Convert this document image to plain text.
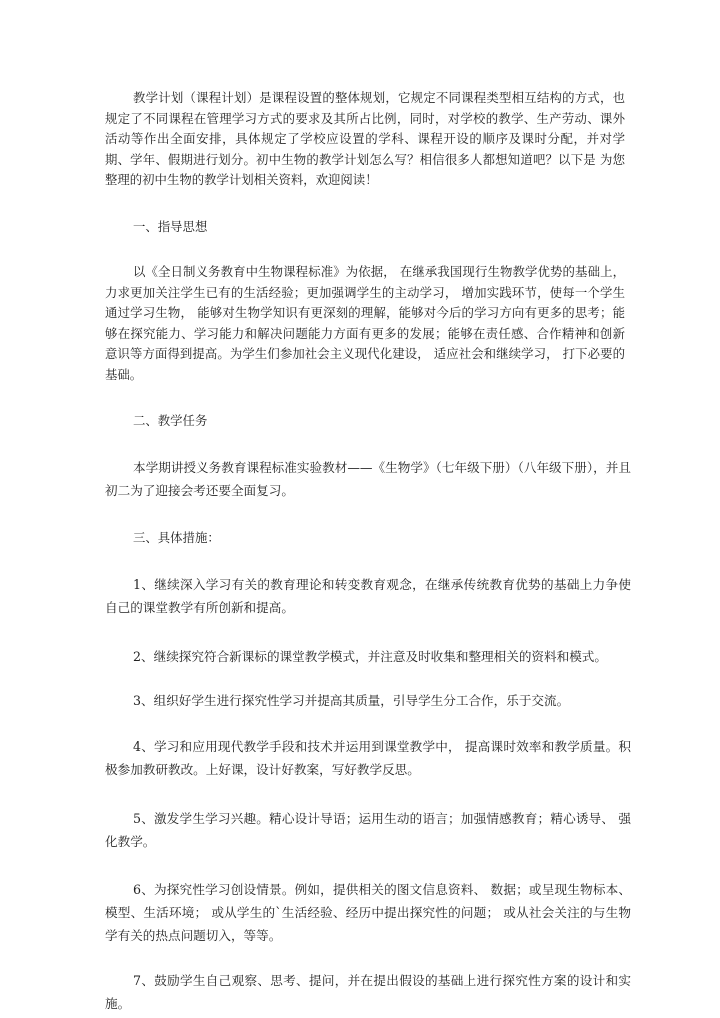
教学计划（课程计划）是课程设置的整体规划，它规定不同课程类型相互结构的方式，也规定了不同课程在管理学习方式的要求及其所占比例，同时，对学校的教学、生产劳动、课外活动等作出全面安排，具体规定了学校应设置的学科、课程开设的顺序及课时分配，并对学期、学年、假期进行划分。初中生物的教学计划怎么写？相信很多人都想知道吧？以下是 为您整理的初中生物的教学计划相关资料，欢迎阅读！

一、指导思想

以《全日制义务教育中生物课程标准》为依据， 在继承我国现行生物教学优势的基础上，力求更加关注学生已有的生活经验；更加强调学生的主动学习， 增加实践环节，使每一个学生通过学习生物， 能够对生物学知识有更深刻的理解，能够对今后的学习方向有更多的思考；能够在探究能力、学习能力和解决问题能力方面有更多的发展；能够在责任感、合作精神和创新意识等方面得到提高。为学生们参加社会主义现代化建设， 适应社会和继续学习， 打下必要的基础。

二、教学任务

本学期讲授义务教育课程标准实验教材——《生物学》（七年级下册）（八年级下册），并且初二为了迎接会考还要全面复习。

三、具体措施：

1、继续深入学习有关的教育理论和转变教育观念，在继承传统教育优势的基础上力争使自己的课堂教学有所创新和提高。

2、继续探究符合新课标的课堂教学模式，并注意及时收集和整理相关的资料和模式。

3、组织好学生进行探究性学习并提高其质量，引导学生分工合作，乐于交流。

4、学习和应用现代教学手段和技术并运用到课堂教学中， 提高课时效率和教学质量。积极参加教研教改。上好课，设计好教案，写好教学反思。

5、激发学生学习兴趣。精心设计导语；运用生动的语言；加强情感教育；精心诱导、 强化教学。

6、为探究性学习创设情景。例如，提供相关的图文信息资料、 数据；或呈现生物标本、模型、生活环境； 或从学生的`生活经验、经历中提出探究性的问题； 或从社会关注的与生物学有关的热点问题切入，等等。

7、鼓励学生自己观察、思考、提问，并在提出假设的基础上进行探究性方案的设计和实施。
